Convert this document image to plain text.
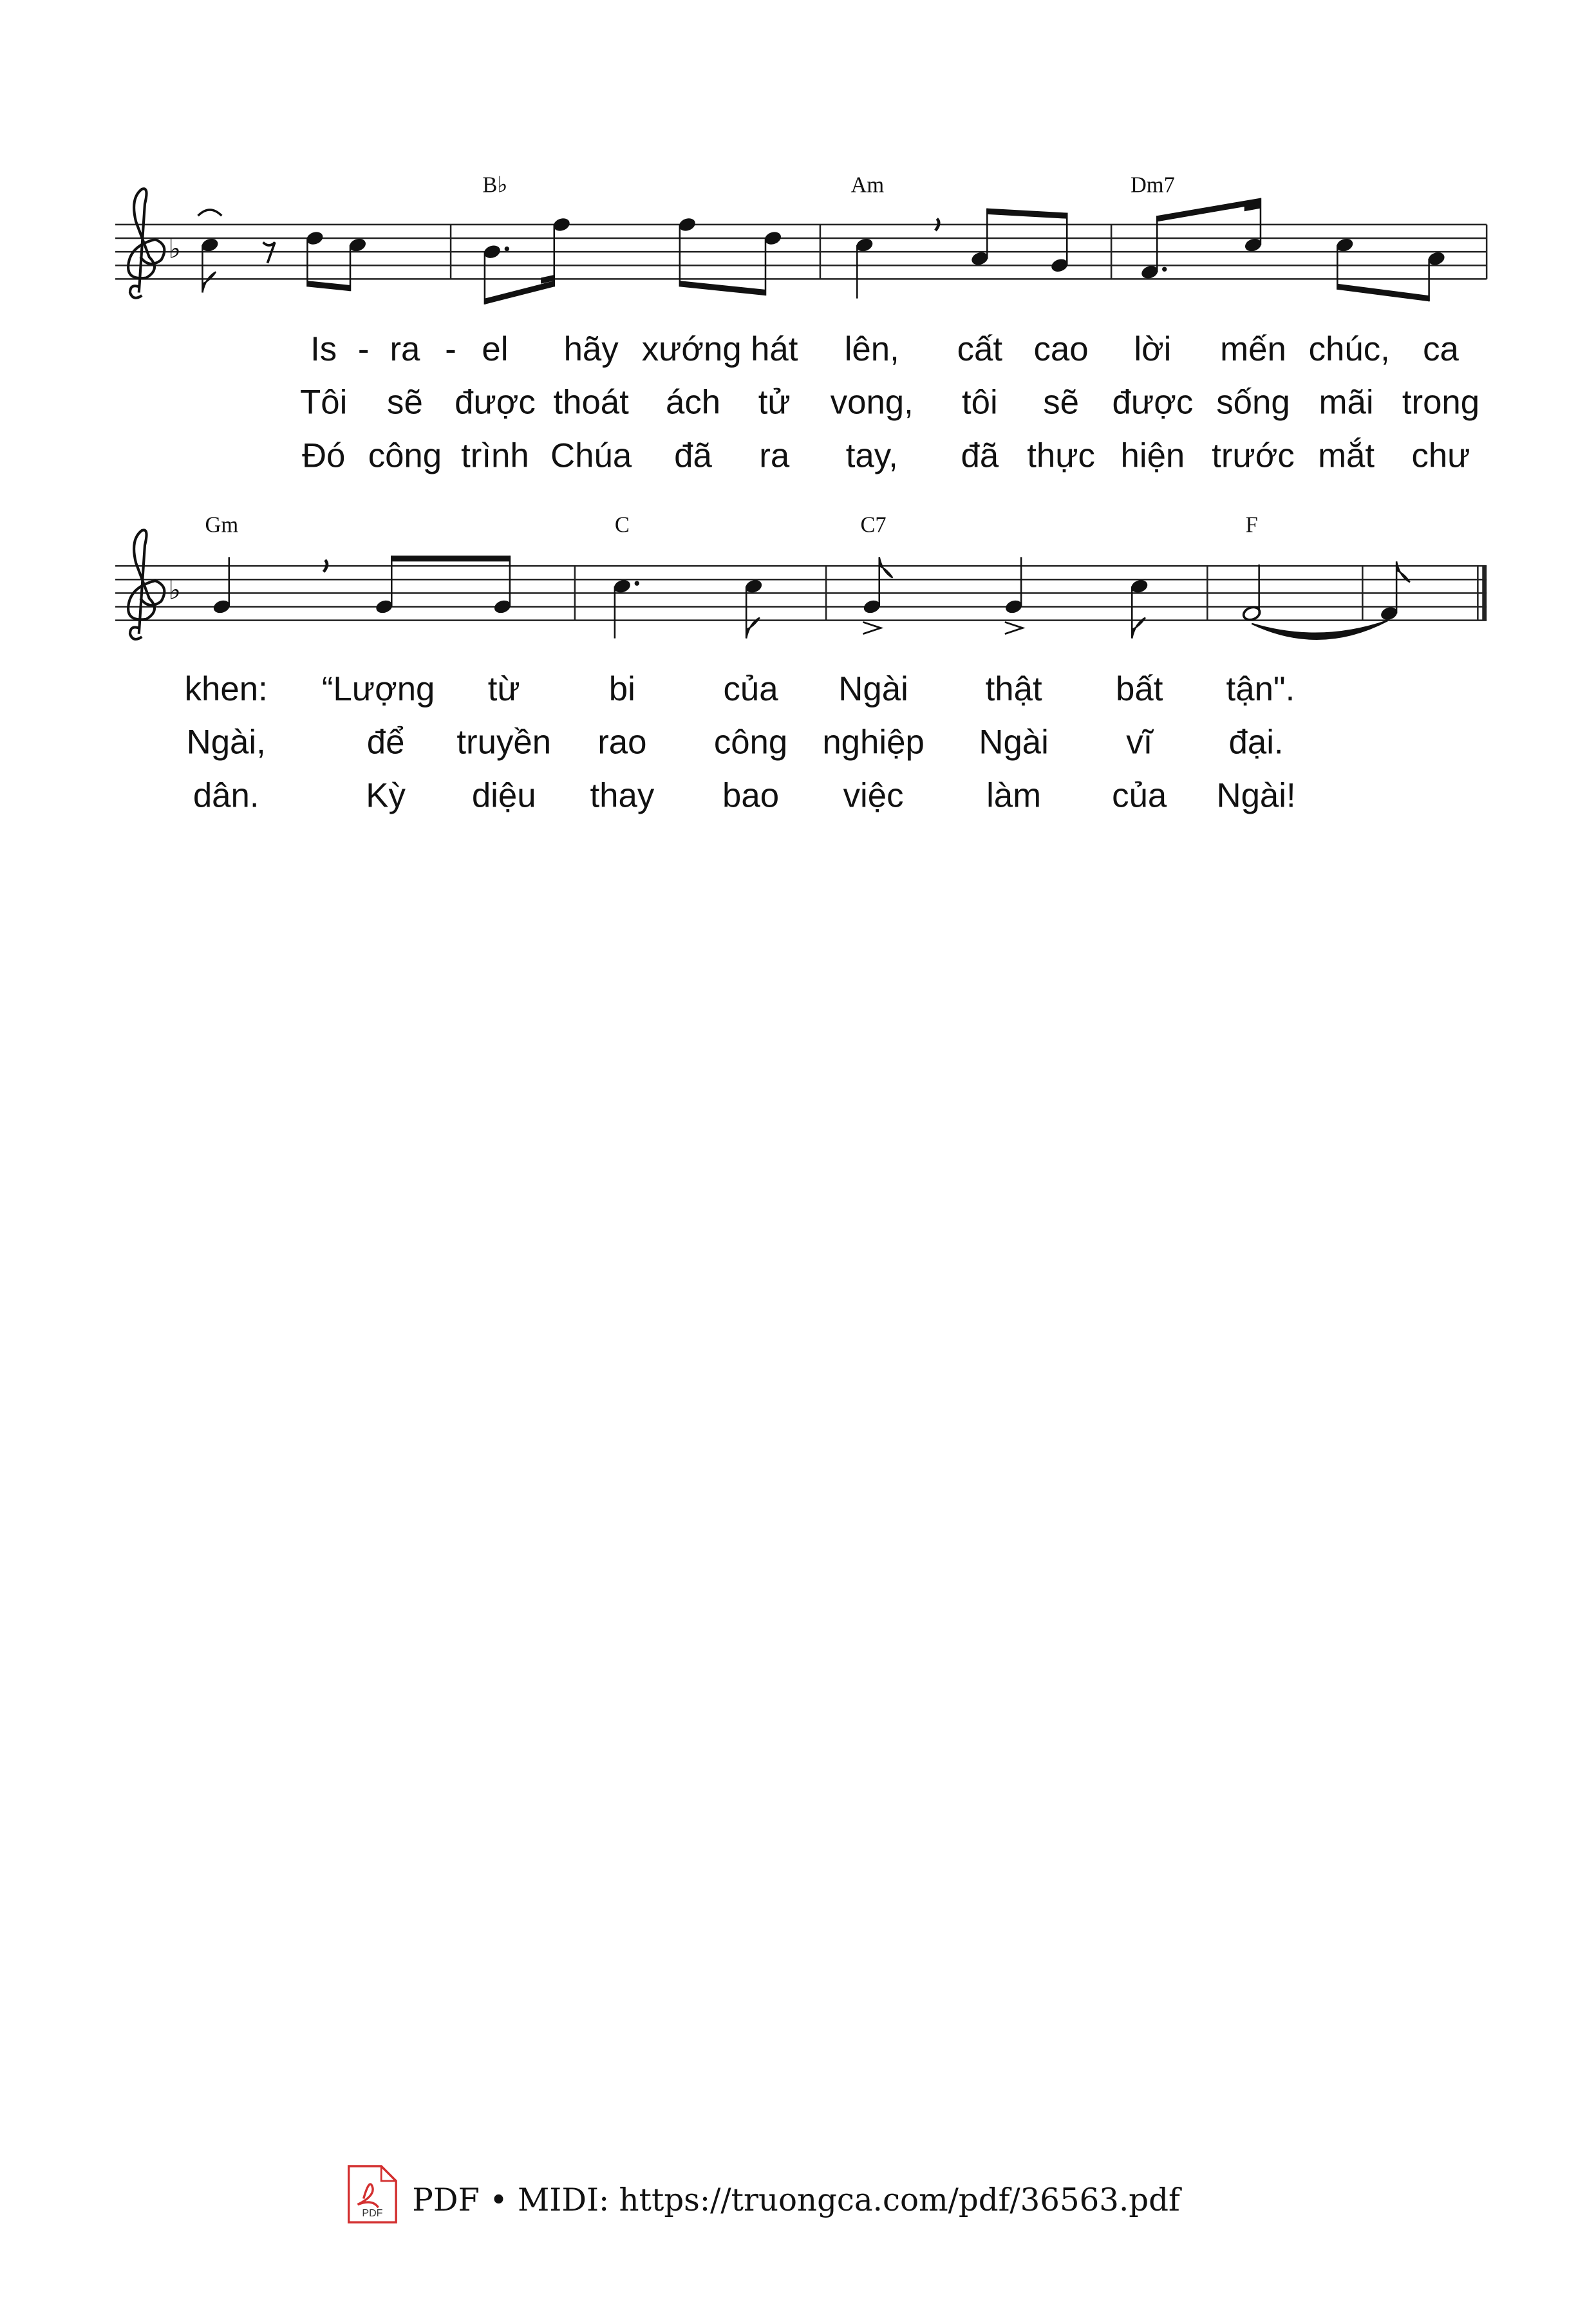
♭
♭
B♭	Am	Dm7
Is - ra - el	hãy xướng hát	lên,	cất cao	lời	mến chúc, ca
Tôi	sẽ được thoát ách	tử	vong,	tôi	sẽ được sống mãi trong
Đó công trình Chúa	đã	ra	tay,	đã thực hiện trước mắt chư
Gm	C	C7	F
khen:	“Lượng	từ	bi	của	Ngài	thật	bất	tận".
Ngài,	để	truyền	rao	công nghiệp	Ngài	vĩ	đại.
dân.	Kỳ	diệu	thay	bao	việc	làm	của	Ngài!
PDF PDF • MIDI: https://truongca.com/pdf/36563.pdf
